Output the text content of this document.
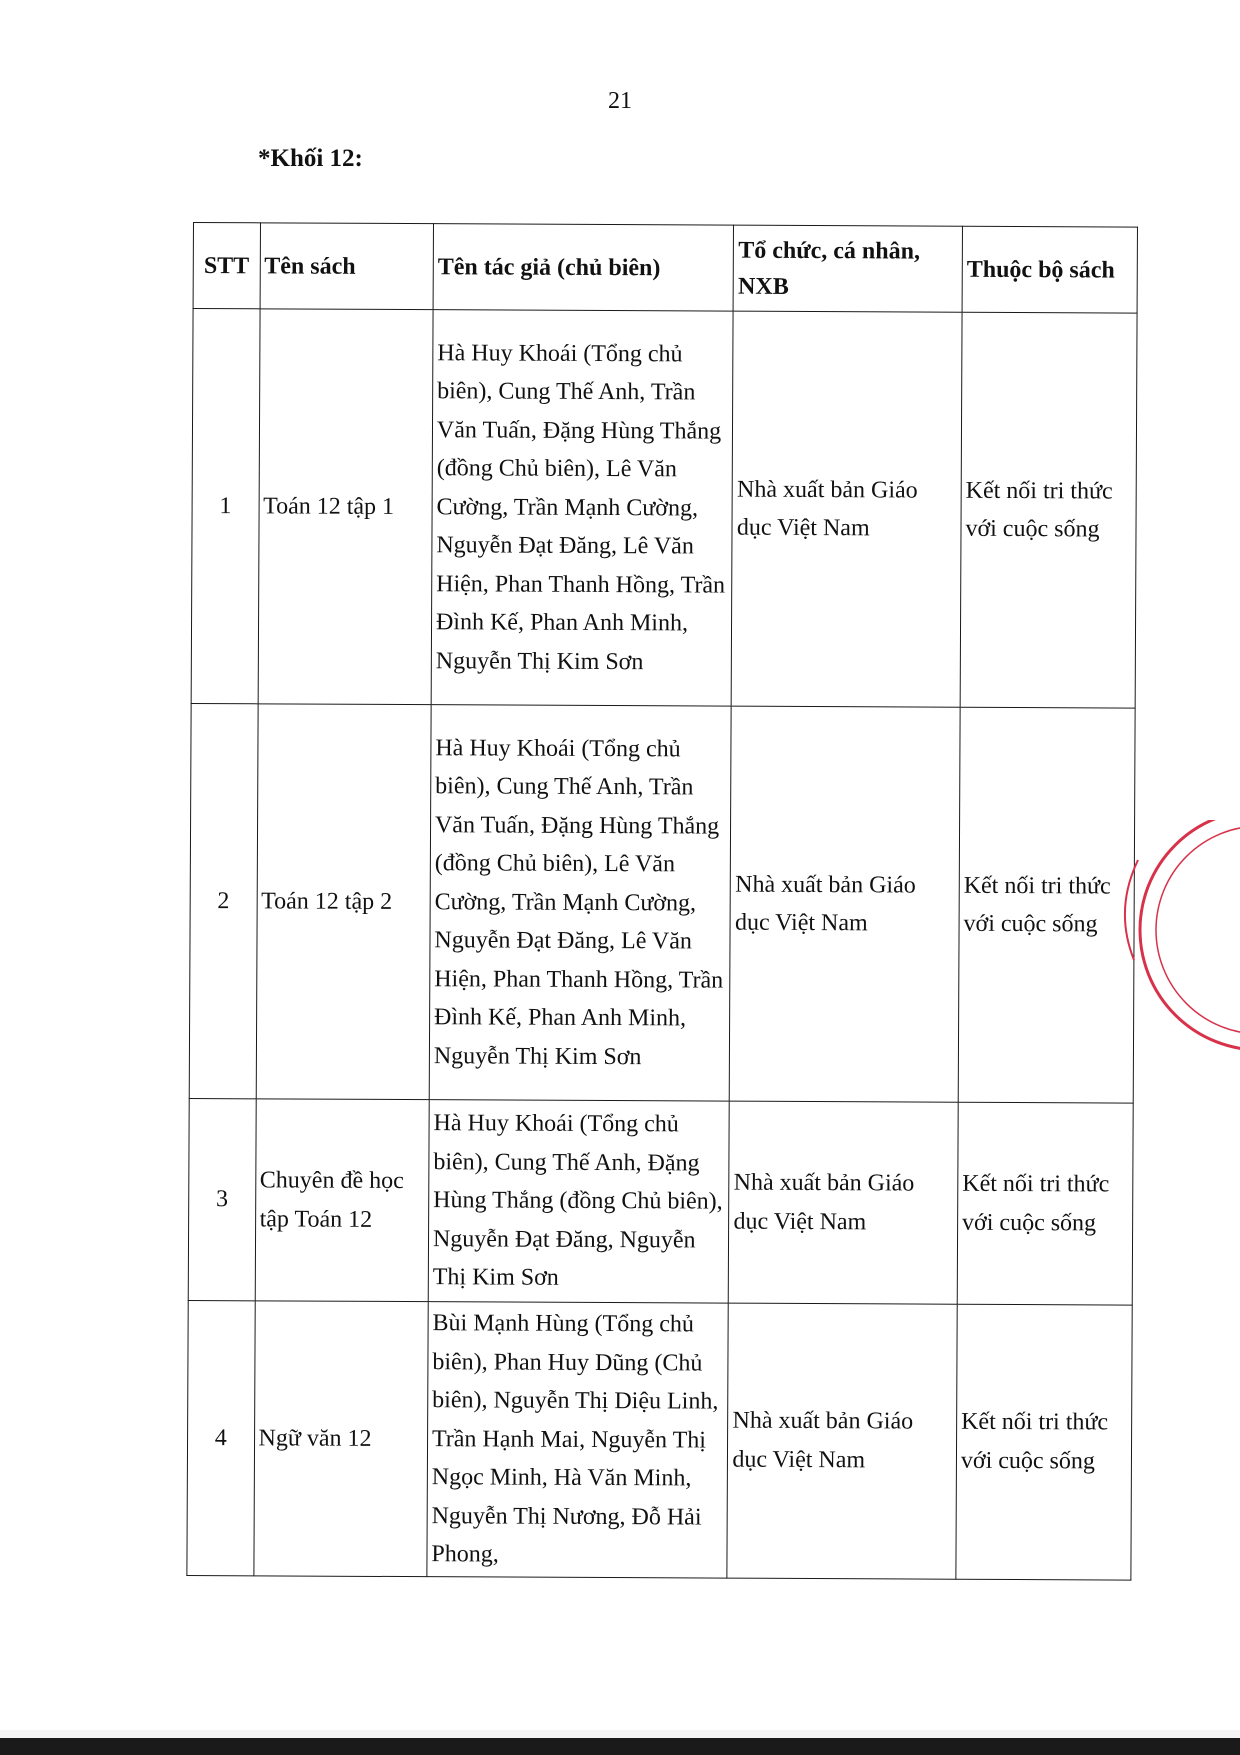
21
*Khối 12:
STT	Tên sách	Tên tác giả (chủ biên)	Tổ chức, cá nhân, NXB	Thuộc bộ sách
1	Toán 12 tập 1	Hà Huy Khoái (Tổng chủ biên), Cung Thế Anh, Trần Văn Tuấn, Đặng Hùng Thắng (đồng Chủ biên), Lê Văn Cường, Trần Mạnh Cường, Nguyễn Đạt Đăng, Lê Văn Hiện, Phan Thanh Hồng, Trần Đình Kế, Phan Anh Minh, Nguyễn Thị Kim Sơn	Nhà xuất bản Giáo dục Việt Nam	Kết nối tri thức với cuộc sống
2	Toán 12 tập 2	Hà Huy Khoái (Tổng chủ biên), Cung Thế Anh, Trần Văn Tuấn, Đặng Hùng Thắng (đồng Chủ biên), Lê Văn Cường, Trần Mạnh Cường, Nguyễn Đạt Đăng, Lê Văn Hiện, Phan Thanh Hồng, Trần Đình Kế, Phan Anh Minh, Nguyễn Thị Kim Sơn	Nhà xuất bản Giáo dục Việt Nam	Kết nối tri thức với cuộc sống
3	Chuyên đề học tập Toán 12	Hà Huy Khoái (Tổng chủ biên), Cung Thế Anh, Đặng Hùng Thắng (đồng Chủ biên), Nguyễn Đạt Đăng, Nguyễn Thị Kim Sơn	Nhà xuất bản Giáo dục Việt Nam	Kết nối tri thức với cuộc sống
4	Ngữ văn 12	Bùi Mạnh Hùng (Tổng chủ biên), Phan Huy Dũng (Chủ biên), Nguyễn Thị Diệu Linh, Trần Hạnh Mai, Nguyễn Thị Ngọc Minh, Hà Văn Minh, Nguyễn Thị Nương, Đỗ Hải Phong,	Nhà xuất bản Giáo dục Việt Nam	Kết nối tri thức với cuộc sống
